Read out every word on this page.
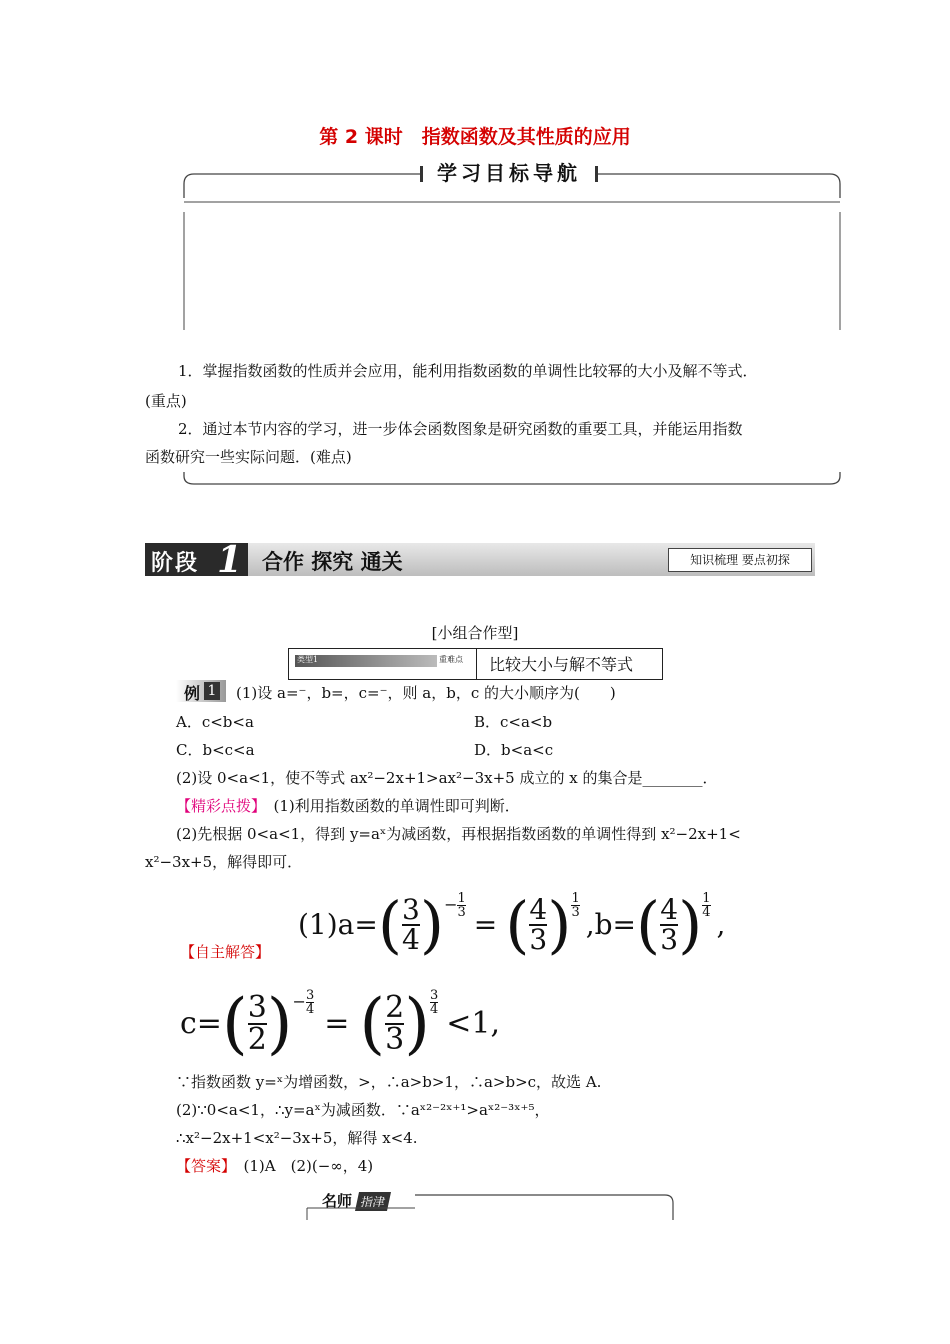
第 2 课时　指数函数及其性质的应用
学习目标导航
1．掌握指数函数的性质并会应用，能利用指数函数的单调性比较幂的大小及解不等式．
(重点)
2．通过本节内容的学习，进一步体会函数图象是研究函数的重要工具，并能运用指数
函数研究一些实际问题．(难点)
阶段 1 合作 探究 通关	知识梳理 要点初探
[小组合作型]
类型1	重难点 比较大小与解不等式
例 1 (1)设 a=⁻，b=，c=⁻，则 a，b，c 的大小顺序为(　　)
A．c<b<a	B．c<a<b
C．b<c<a	D．b<a<c
(2)设 0<a<1，使不等式 ax²−2x+1>ax²−3x+5 成立的 x 的集合是________．
【精彩点拨】　(1)利用指数函数的单调性即可判断．
(2)先根据 0<a<1，得到 y=aˣ为减函数，再根据指数函数的单调性得到 x²−2x+1<
x²−3x+5，解得即可．
(1)a= ( $\frac{3}{4}$ ) − $\frac{1}{3}$
= ( $\frac{4}{3}$ ) $\frac{1}{3}$
,b= ( $\frac{4}{3}$ ) $\frac{1}{4}$
,
【自主解答】
c= ( $\frac{3}{2}$ ) − $\frac{3}{4}$
= ( $\frac{2}{3}$ ) $\frac{3}{4}$
<1,
∵指数函数 y=ˣ为增函数，>，∴a>b>1，∴a>b>c，故选 A.
(2)∵0<a<1，∴y=aˣ为减函数．∵aˣ²⁻²ˣ⁺¹>aˣ²⁻³ˣ⁺⁵，
∴x²−2x+1<x²−3x+5，解得 x<4.
【答案】　(1)A　(2)(−∞，4)
名师 指津
